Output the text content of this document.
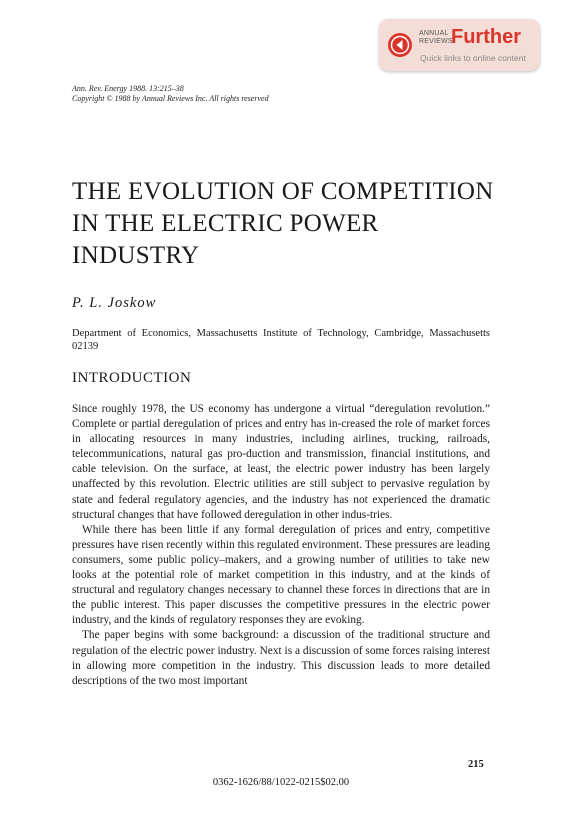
ANNUAL REVIEWS
Further
Quick links to online content
Ann. Rev. Energy 1988. 13:215–38
Copyright © 1988 by Annual Reviews Inc. All rights reserved
THE EVOLUTION OF COMPETITION IN THE ELECTRIC POWER INDUSTRY
P. L. Joskow
Department of Economics, Massachusetts Institute of Technology, Cambridge, Massachusetts 02139
INTRODUCTION

Since roughly 1978, the US economy has undergone a virtual “deregulation revolution.” Complete or partial deregulation of prices and entry has in-creased the role of market forces in allocating resources in many industries, including airlines, trucking, railroads, telecommunications, natural gas pro-duction and transmission, financial institutions, and cable television. On the surface, at least, the electric power industry has been largely unaffected by this revolution. Electric utilities are still subject to pervasive regulation by state and federal regulatory agencies, and the industry has not experienced the dramatic structural changes that have followed deregulation in other indus-tries.

While there has been little if any formal deregulation of prices and entry, competitive pressures have risen recently within this regulated environment. These pressures are leading consumers, some public policy–makers, and a growing number of utilities to take new looks at the potential role of market competition in this industry, and at the kinds of structural and regulatory changes necessary to channel these forces in directions that are in the public interest. This paper discusses the competitive pressures in the electric power industry, and the kinds of regulatory responses they are evoking.

The paper begins with some background: a discussion of the traditional structure and regulation of the electric power industry. Next is a discussion of some forces raising interest in allowing more competition in the industry. This discussion leads to more detailed descriptions of the two most important

215
0362-1626/88/1022-0215$02.00
